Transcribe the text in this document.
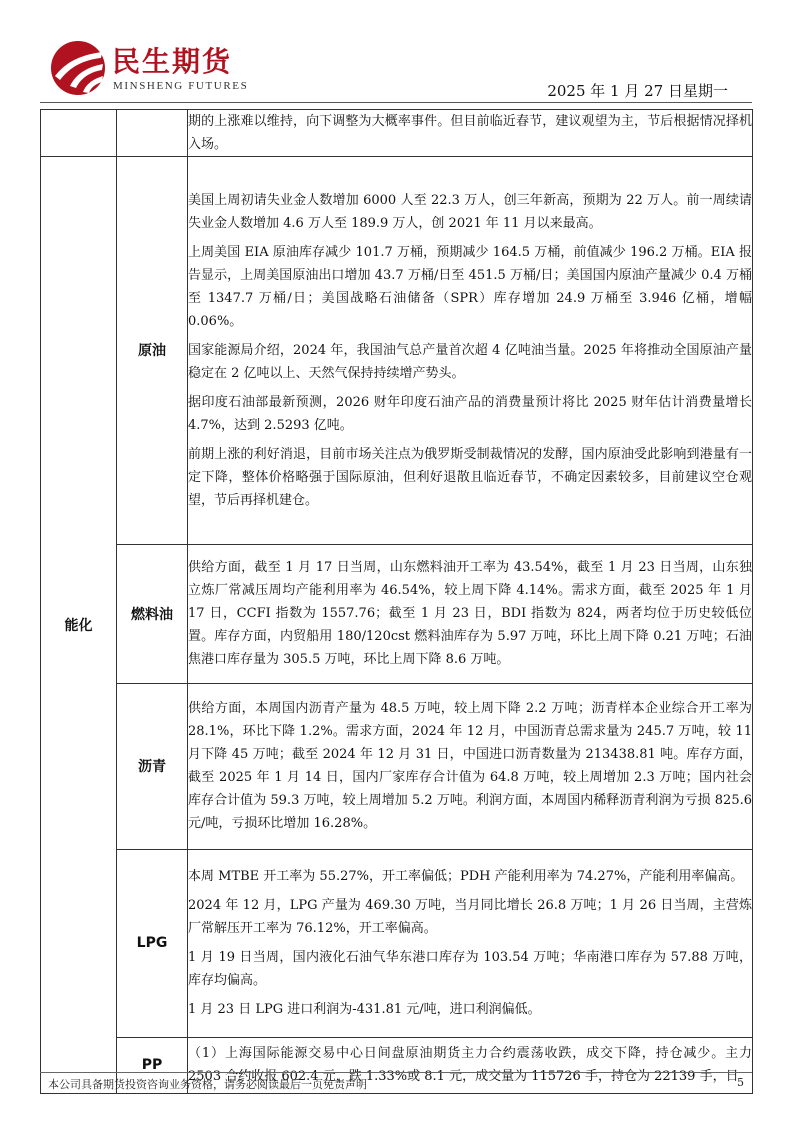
民生期货
MINSHENG FUTURES	2025 年 1 月 27 日星期一

		期的上涨难以维持，向下调整为大概率事件。但目前临近春节，建议观望为主，节后根据情况择机入场。

能化	原油	美国上周初请失业金人数增加 6000 人至 22.3 万人，创三年新高，预期为 22 万人。前一周续请失业金人数增加 4.6 万人至 189.9 万人，创 2021 年 11 月以来最高。

上周美国 EIA 原油库存减少 101.7 万桶，预期减少 164.5 万桶，前值减少 196.2 万桶。EIA 报告显示，上周美国原油出口增加 43.7 万桶/日至 451.5 万桶/日；美国国内原油产量减少 0.4 万桶至 1347.7 万桶/日；美国战略石油储备（SPR）库存增加 24.9 万桶至 3.946 亿桶，增幅 0.06%。

国家能源局介绍，2024 年，我国油气总产量首次超 4 亿吨油当量。2025 年将推动全国原油产量稳定在 2 亿吨以上、天然气保持持续增产势头。

据印度石油部最新预测，2026 财年印度石油产品的消费量预计将比 2025 财年估计消费量增长 4.7%，达到 2.5293 亿吨。

前期上涨的利好消退，目前市场关注点为俄罗斯受制裁情况的发酵，国内原油受此影响到港量有一定下降，整体价格略强于国际原油，但利好退散且临近春节，不确定因素较多，目前建议空仓观望，节后再择机建仓。

	燃料油	供给方面，截至 1 月 17 日当周，山东燃料油开工率为 43.54%，截至 1 月 23 日当周，山东独立炼厂常减压周均产能利用率为 46.54%，较上周下降 4.14%。需求方面，截至 2025 年 1 月 17 日，CCFI 指数为 1557.76；截至 1 月 23 日，BDI 指数为 824，两者均位于历史较低位置。库存方面，内贸船用 180/120cst 燃料油库存为 5.97 万吨，环比上周下降 0.21 万吨；石油焦港口库存量为 305.5 万吨，环比上周下降 8.6 万吨。

	沥青	供给方面，本周国内沥青产量为 48.5 万吨，较上周下降 2.2 万吨；沥青样本企业综合开工率为 28.1%，环比下降 1.2%。需求方面，2024 年 12 月，中国沥青总需求量为 245.7 万吨，较 11 月下降 45 万吨；截至 2024 年 12 月 31 日，中国进口沥青数量为 213438.81 吨。库存方面，截至 2025 年 1 月 14 日，国内厂家库存合计值为 64.8 万吨，较上周增加 2.3 万吨；国内社会库存合计值为 59.3 万吨，较上周增加 5.2 万吨。利润方面，本周国内稀释沥青利润为亏损 825.6 元/吨，亏损环比增加 16.28%。

	LPG	本周 MTBE 开工率为 55.27%，开工率偏低；PDH 产能利用率为 74.27%，产能利用率偏高。

2024 年 12 月，LPG 产量为 469.30 万吨，当月同比增长 26.8 万吨；1 月 26 日当周，主营炼厂常解压开工率为 76.12%，开工率偏高。

1 月 19 日当周，国内液化石油气华东港口库存为 103.54 万吨；华南港口库存为 57.88 万吨，库存均偏高。

1 月 23 日 LPG 进口利润为-431.81 元/吨，进口利润偏低。

	PP	（1）上海国际能源交易中心日间盘原油期货主力合约震荡收跌，成交下降，持仓减少。主力 2503 合约收报 602.4 元，跌 1.33%或 8.1 元，成交量为 115726 手，持仓为 22139 手，日

本公司具备期货投资咨询业务资格，请务必阅读最后一页免责声明	5
